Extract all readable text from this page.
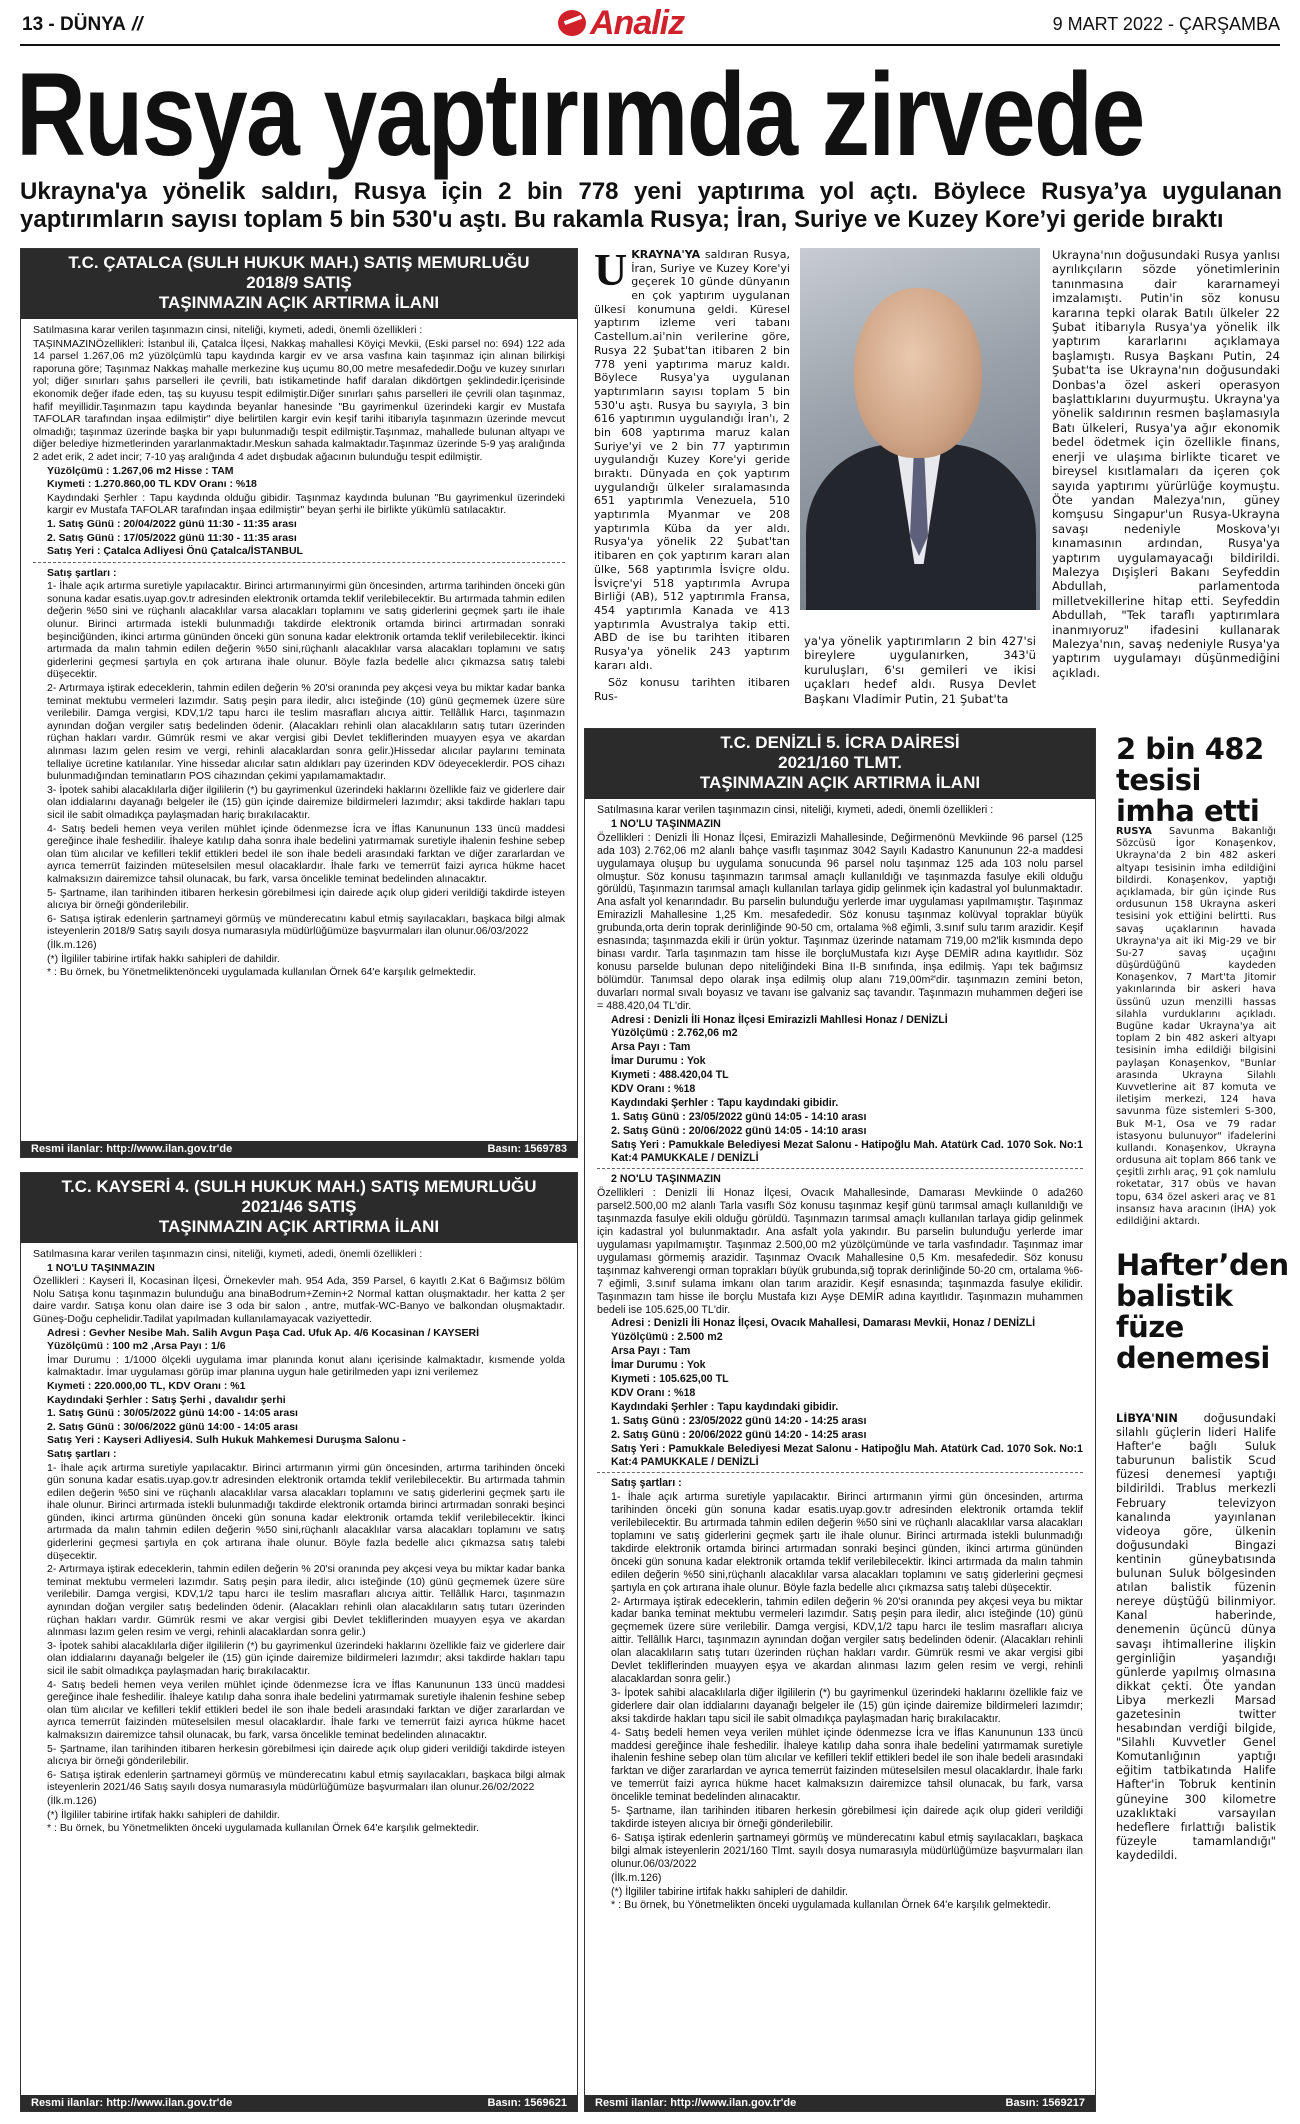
13 - DÜNYA //	Analiz	9 MART 2022 - ÇARŞAMBA
Rusya yaptırımda zirvede
Ukrayna'ya yönelik saldırı, Rusya için 2 bin 778 yeni yaptırıma yol açtı. Böylece Rusya’ya uygulanan yaptırımların sayısı toplam 5 bin 530'u aştı. Bu rakamla Rusya; İran, Suriye ve Kuzey Kore’yi geride bıraktı
T.C. ÇATALCA (SULH HUKUK MAH.) SATIŞ MEMURLUĞU
2018/9 SATIŞ
TAŞINMAZIN AÇIK ARTIRMA İLANI

Satılmasına karar verilen taşınmazın cinsi, niteliği, kıymeti, adedi, önemli özellikleri :

TAŞINMAZINÖzellikleri: İstanbul ili, Çatalca İlçesi, Nakkaş mahallesi Köyiçi Mevkii, (Eski parsel no: 694) 122 ada 14 parsel 1.267,06 m2 yüzölçümlü tapu kaydında kargir ev ve arsa vasfına kain taşınmaz için alınan bilirkişi raporuna göre; Taşınmaz Nakkaş mahalle merkezine kuş uçumu 80,00 metre mesafededir.Doğu ve kuzey sınırları yol; diğer sınırları şahıs parselleri ile çevrili, batı istikametinde hafif daralan dikdörtgen şeklindedir.İçerisinde ekonomik değer ifade eden, taş su kuyusu tespit edilmiştir.Diğer sınırları şahıs parselleri ile çevrili olan taşınmaz, hafif meyillidir.Taşınmazın tapu kaydında beyanlar hanesinde "Bu gayrimenkul üzerindeki kargir ev Mustafa TAFOLAR tarafından inşaa edilmiştir" diye belirtilen kargir evin keşif tarihi itibarıyla taşınmazın üzerinde mevcut olmadığı; taşınmaz üzerinde başka bir yapı bulunmadığı tespit edilmiştir.Taşınmaz, mahallede bulunan altyapı ve diğer belediye hizmetlerinden yararlanmaktadır.Meskun sahada kalmaktadır.Taşınmaz üzerinde 5-9 yaş aralığında 2 adet erik, 2 adet incir; 7-10 yaş aralığında 4 adet dışbudak ağacının bulunduğu tespit edilmiştir.

Yüzölçümü : 1.267,06 m2 Hisse : TAM

Kıymeti : 1.270.860,00 TL KDV Oranı : %18

Kaydındaki Şerhler : Tapu kaydında olduğu gibidir. Taşınmaz kaydında bulunan "Bu gayrimenkul üzerindeki kargir ev Mustafa TAFOLAR tarafından inşaa edilmiştir" beyan şerhi ile birlikte yükümlü satılacaktır.

1. Satış Günü : 20/04/2022 günü 11:30 - 11:35 arası

2. Satış Günü : 17/05/2022 günü 11:30 - 11:35 arası

Satış Yeri : Çatalca Adliyesi Önü Çatalca/İSTANBUL

Satış şartları :

1- İhale açık artırma suretiyle yapılacaktır. Birinci artırmanınyirmi gün öncesinden, artırma tarihinden önceki gün sonuna kadar esatis.uyap.gov.tr adresinden elektronik ortamda teklif verilebilecektir. Bu artırmada tahmin edilen değerin %50 sini ve rüçhanlı alacaklılar varsa alacakları toplamını ve satış giderlerini geçmek şartı ile ihale olunur. Birinci artırmada istekli bulunmadığı takdirde elektronik ortamda birinci artırmadan sonraki beşinciğünden, ikinci artırma gününden önceki gün sonuna kadar elektronik ortamda teklif verilebilecektir. İkinci artırmada da malın tahmin edilen değerin %50 sini,rüçhanlı alacaklılar varsa alacakları toplamını ve satış giderlerini geçmesi şartıyla en çok artırana ihale olunur. Böyle fazla bedelle alıcı çıkmazsa satış talebi düşecektir.

2- Artırmaya iştirak edeceklerin, tahmin edilen değerin % 20'si oranında pey akçesi veya bu miktar kadar banka teminat mektubu vermeleri lazımdır. Satış peşin para iledir, alıcı isteğinde (10) günü geçmemek üzere süre verilebilir. Damga vergisi, KDV,1/2 tapu harcı ile teslim masrafları alıcıya aittir. Tellâllık Harcı, taşınmazın aynından doğan vergiler satış bedelinden ödenir. (Alacakları rehinli olan alacaklıların satış tutarı üzerinden rüçhan hakları vardır. Gümrük resmi ve akar vergisi gibi Devlet tekliflerinden muayyen eşya ve akardan alınması lazım gelen resim ve vergi, rehinli alacaklardan sonra gelir.)Hissedar alıcılar paylarını teminata tellaliye ücretine katılanılar. Yine hissedar alıcılar satın aldıkları pay üzerinden KDV ödeyeceklerdir. POS cihazı bulunmadığından teminatların POS cihazından çekimi yapılamamaktadır.

3- İpotek sahibi alacaklılarla diğer ilgililerin (*) bu gayrimenkul üzerindeki haklarını özellikle faiz ve giderlere dair olan iddialarını dayanağı belgeler ile (15) gün içinde dairemize bildirmeleri lazımdır; aksi takdirde hakları tapu sicil ile sabit olmadıkça paylaşmadan hariç bırakılacaktır.

4- Satış bedeli hemen veya verilen mühlet içinde ödenmezse İcra ve İflas Kanununun 133 üncü maddesi gereğince ihale feshedilir. İhaleye katılıp daha sonra ihale bedelini yatırmamak suretiyle ihalenin feshine sebep olan tüm alıcılar ve kefilleri teklif ettikleri bedel ile son ihale bedeli arasındaki farktan ve diğer zararlardan ve ayrıca temerrüt faizinden müteselsilen mesul olacaklardır. İhale farkı ve temerrüt faizi ayrıca hükme hacet kalmaksızın dairemizce tahsil olunacak, bu fark, varsa öncelikle teminat bedelinden alınacaktır.

5- Şartname, ilan tarihinden itibaren herkesin görebilmesi için dairede açık olup gideri verildiği takdirde isteyen alıcıya bir örneği gönderilebilir.

6- Satışa iştirak edenlerin şartnameyi görmüş ve münderecatını kabul etmiş sayılacakları, başkaca bilgi almak isteyenlerin 2018/9 Satış sayılı dosya numarasıyla müdürlüğümüze başvurmaları ilan olunur.06/03/2022

(İlk.m.126)

(*) İlgililer tabirine irtifak hakkı sahipleri de dahildir.

* : Bu örnek, bu Yönetmeliktenönceki uygulamada kullanılan Örnek 64'e karşılık gelmektedir.

Resmi ilanlar: http://www.ilan.gov.tr'de	Basın: 1569783
T.C. KAYSERİ 4. (SULH HUKUK MAH.) SATIŞ MEMURLUĞU
2021/46 SATIŞ
TAŞINMAZIN AÇIK ARTIRMA İLANI

Satılmasına karar verilen taşınmazın cinsi, niteliği, kıymeti, adedi, önemli özellikleri :

1 NO'LU TAŞINMAZIN

Özellikleri : Kayseri İl, Kocasinan İlçesi, Örnekevler mah. 954 Ada, 359 Parsel, 6 kayıtlı 2.Kat 6 Bağımsız bölüm Nolu Satışa konu taşınmazın bulunduğu ana binaBodrum+Zemin+2 Normal kattan oluşmaktadır. her katta 2 şer daire vardır. Satışa konu olan daire ise 3 oda bir salon , antre, mutfak-WC-Banyo ve balkondan oluşmaktadır. Güneş-Doğu cephelidir.Tadilat yapılmadan kullanılamayacak vaziyettedir.

Adresi : Gevher Nesibe Mah. Salih Avgun Paşa Cad. Ufuk Ap. 4/6 Kocasinan / KAYSERİ

Yüzölçümü : 100 m2 ,Arsa Payı : 1/6

İmar Durumu : 1/1000 ölçekli uygulama imar planında konut alanı içerisinde kalmaktadır, kısmende yolda kalmaktadır. İmar uygulaması görüp imar planına uygun hale getirilmeden yapı izni verilemez

Kıymeti : 220.000,00 TL, KDV Oranı : %1

Kaydındaki Şerhler : Satış Şerhi , davalıdır şerhi

1. Satış Günü : 30/05/2022 günü 14:00 - 14:05 arası

2. Satış Günü : 30/06/2022 günü 14:00 - 14:05 arası

Satış Yeri : Kayseri Adliyesi4. Sulh Hukuk Mahkemesi Duruşma Salonu -

Satış şartları :

1- İhale açık artırma suretiyle yapılacaktır. Birinci artırmanın yirmi gün öncesinden, artırma tarihinden önceki gün sonuna kadar esatis.uyap.gov.tr adresinden elektronik ortamda teklif verilebilecektir. Bu artırmada tahmin edilen değerin %50 sini ve rüçhanlı alacaklılar varsa alacakları toplamını ve satış giderlerini geçmek şartı ile ihale olunur. Birinci artırmada istekli bulunmadığı takdirde elektronik ortamda birinci artırmadan sonraki beşinci günden, ikinci artırma gününden önceki gün sonuna kadar elektronik ortamda teklif verilebilecektir. İkinci artırmada da malın tahmin edilen değerin %50 sini,rüçhanlı alacaklılar varsa alacakları toplamını ve satış giderlerini geçmesi şartıyla en çok artırana ihale olunur. Böyle fazla bedelle alıcı çıkmazsa satış talebi düşecektir.

2- Artırmaya iştirak edeceklerin, tahmin edilen değerin % 20'si oranında pey akçesi veya bu miktar kadar banka teminat mektubu vermeleri lazımdır. Satış peşin para iledir, alıcı isteğinde (10) günü geçmemek üzere süre verilebilir. Damga vergisi, KDV,1/2 tapu harcı ile teslim masrafları alıcıya aittir. Tellâllık Harcı, taşınmazın aynından doğan vergiler satış bedelinden ödenir. (Alacakları rehinli olan alacaklıların satış tutarı üzerinden rüçhan hakları vardır. Gümrük resmi ve akar vergisi gibi Devlet tekliflerinden muayyen eşya ve akardan alınması lazım gelen resim ve vergi, rehinli alacaklardan sonra gelir.)

3- İpotek sahibi alacaklılarla diğer ilgililerin (*) bu gayrimenkul üzerindeki haklarını özellikle faiz ve giderlere dair olan iddialarını dayanağı belgeler ile (15) gün içinde dairemize bildirmeleri lazımdır; aksi takdirde hakları tapu sicil ile sabit olmadıkça paylaşmadan hariç bırakılacaktır.

4- Satış bedeli hemen veya verilen mühlet içinde ödenmezse İcra ve İflas Kanununun 133 üncü maddesi gereğince ihale feshedilir. İhaleye katılıp daha sonra ihale bedelini yatırmamak suretiyle ihalenin feshine sebep olan tüm alıcılar ve kefilleri teklif ettikleri bedel ile son ihale bedeli arasındaki farktan ve diğer zararlardan ve ayrıca temerrüt faizinden müteselsilen mesul olacaklardır. İhale farkı ve temerrüt faizi ayrıca hükme hacet kalmaksızın dairemizce tahsil olunacak, bu fark, varsa öncelikle teminat bedelinden alınacaktır.

5- Şartname, ilan tarihinden itibaren herkesin görebilmesi için dairede açık olup gideri verildiği takdirde isteyen alıcıya bir örneği gönderilebilir.

6- Satışa iştirak edenlerin şartnameyi görmüş ve münderecatını kabul etmiş sayılacakları, başkaca bilgi almak isteyenlerin 2021/46 Satış sayılı dosya numarasıyla müdürlüğümüze başvurmaları ilan olunur.26/02/2022

(İlk.m.126)

(*) İlgililer tabirine irtifak hakkı sahipleri de dahildir.

* : Bu örnek, bu Yönetmelikten önceki uygulamada kullanılan Örnek 64'e karşılık gelmektedir.

Resmi ilanlar: http://www.ilan.gov.tr'de	Basın: 1569621

UKRAYNA'YA saldıran Rusya, İran, Suriye ve Kuzey Kore'yi geçerek 10 günde dünyanın en çok yaptırım uygulanan ülkesi konumuna geldi. Küresel yaptırım izleme veri tabanı Castellum.ai'nin verilerine göre, Rusya 22 Şubat'tan itibaren 2 bin 778 yeni yaptırıma maruz kaldı. Böylece Rusya'ya uygulanan yaptırımların sayısı toplam 5 bin 530'u aştı. Rusya bu sayıyla, 3 bin 616 yaptırımın uygulandığı İran'ı, 2 bin 608 yaptırıma maruz kalan Suriye'yi ve 2 bin 77 yaptırımın uygulandığı Kuzey Kore'yi geride bıraktı. Dünyada en çok yaptırım uygulandığı ülkeler sıralamasında 651 yaptırımla Venezuela, 510 yaptırımla Myanmar ve 208 yaptırımla Küba da yer aldı. Rusya'ya yönelik 22 Şubat'tan itibaren en çok yaptırım kararı alan ülke, 568 yaptırımla İsviçre oldu. İsviçre'yi 518 yaptırımla Avrupa Birliği (AB), 512 yaptırımla Fransa, 454 yaptırımla Kanada ve 413 yaptırımla Avustralya takip etti. ABD de ise bu tarihten itibaren Rusya'ya yönelik 243 yaptırım kararı aldı.

Söz konusu tarihten itibaren Rus-

ya'ya yönelik yaptırımların 2 bin 427'si bireylere uygulanırken, 343'ü kuruluşları, 6'sı gemileri ve ikisi uçakları hedef aldı. Rusya Devlet Başkanı Vladimir Putin, 21 Şubat'ta

Ukrayna'nın doğusundaki Rusya yanlısı ayrılıkçıların sözde yönetimlerinin tanınmasına dair kararnameyi imzalamıştı. Putin'in söz konusu kararına tepki olarak Batılı ülkeler 22 Şubat itibarıyla Rusya'ya yönelik ilk yaptırım kararlarını açıklamaya başlamıştı. Rusya Başkanı Putin, 24 Şubat'ta ise Ukrayna'nın doğusundaki Donbas'a özel askeri operasyon başlattıklarını duyurmuştu. Ukrayna'ya yönelik saldırının resmen başlamasıyla Batı ülkeleri, Rusya'ya ağır ekonomik bedel ödetmek için özellikle finans, enerji ve ulaşıma birlikte ticaret ve bireysel kısıtlamaları da içeren çok sayıda yaptırımı yürürlüğe koymuştu. Öte yandan Malezya'nın, güney komşusu Singapur'un Rusya-Ukrayna savaşı nedeniyle Moskova'yı kınamasının ardından, Rusya'ya yaptırım uygulamayacağı bildirildi. Malezya Dışişleri Bakanı Seyfeddin Abdullah, parlamentoda milletvekillerine hitap etti. Seyfeddin Abdullah, "Tek taraflı yaptırımlara inanmıyoruz" ifadesini kullanarak Malezya'nın, savaş nedeniyle Rusya'ya yaptırım uygulamayı düşünmediğini açıkladı.

T.C. DENİZLİ 5. İCRA DAİRESİ
2021/160 TLMT.
TAŞINMAZIN AÇIK ARTIRMA İLANI

Satılmasına karar verilen taşınmazın cinsi, niteliği, kıymeti, adedi, önemli özellikleri :

1 NO'LU TAŞINMAZIN

Özellikleri : Denizli İli Honaz İlçesi, Emirazizli Mahallesinde, Değirmenönü Mevkiinde 96 parsel (125 ada 103) 2.762,06 m2 alanlı bahçe vasıflı taşınmaz 3042 Sayılı Kadastro Kanununun 22-a maddesi uygulamaya oluşup bu uygulama sonucunda 96 parsel nolu taşınmaz 125 ada 103 nolu parsel olmuştur. Söz konusu taşınmazın tarımsal amaçlı kullanıldığı ve taşınmazda fasulye ekili olduğu görüldü, Taşınmazın tarımsal amaçlı kullanılan tarlaya gidip gelinmek için kadastral yol bulunmaktadır. Ana asfalt yol kenarındadır. Bu parselin bulunduğu yerlerde imar uygulaması yapılmamıştır. Taşınmaz Emirazizli Mahallesine 1,25 Km. mesafededir. Söz konusu taşınmaz kolüvyal topraklar büyük grubunda,orta derin toprak derinliğinde 90-50 cm, ortalama %8 eğimli, 3.sınıf sulu tarım arazidir. Keşif esnasında; taşınmazda ekili ir ürün yoktur. Taşınmaz üzerinde natamam 719,00 m2'lik kısmında depo binası vardır. Tarla taşınmazın tam hisse ile borçluMustafa kızı Ayşe DEMİR adına kayıtlıdır. Söz konusu parselde bulunan depo niteliğindeki Bina II-B sınıfında, inşa edilmiş. Yapı tek bağımsız bölümdür. Tanımsal depo olarak inşa edilmiş olup alanı 719,00m²'dir. taşınmazın zemini beton, duvarları normal sıvalı boyasız ve tavanı ise galvaniz saç tavandır. Taşınmazın muhammen değeri ise = 488.420,04 TL'dir.

Adresi : Denizli İli Honaz İlçesi Emirazizli Mahllesi Honaz / DENİZLİ

Yüzölçümü : 2.762,06 m2

Arsa Payı : Tam

İmar Durumu : Yok

Kıymeti : 488.420,04 TL

KDV Oranı : %18

Kaydındaki Şerhler : Tapu kaydındaki gibidir.

1. Satış Günü : 23/05/2022 günü 14:05 - 14:10 arası

2. Satış Günü : 20/06/2022 günü 14:05 - 14:10 arası

Satış Yeri : Pamukkale Belediyesi Mezat Salonu - Hatipoğlu Mah. Atatürk Cad. 1070 Sok. No:1 Kat:4 PAMUKKALE / DENİZLİ

2 NO'LU TAŞINMAZIN

Özellikleri : Denizli İli Honaz İlçesi, Ovacık Mahallesinde, Damarası Mevkiinde 0 ada260 parsel2.500,00 m2 alanlı Tarla vasıflı Söz konusu taşınmaz keşif günü tarımsal amaçlı kullanıldığı ve taşınmazda fasulye ekili olduğu görüldü. Taşınmazın tarımsal amaçlı kullanılan tarlaya gidip gelinmek için kadastral yol bulunmaktadır. Ana asfalt yola yakındır. Bu parselin bulunduğu yerlerde imar uygulaması yapılmamıştır. Taşınmaz 2.500,00 m2 yüzölçümünde ve tarla vasfındadır. Taşınmaz imar uygulaması görmemiş arazidir. Taşınmaz Ovacık Mahallesine 0,5 Km. mesafededir. Söz konusu taşınmaz kahverengi orman toprakları büyük grubunda,sığ toprak derinliğinde 50-20 cm, ortalama %6-7 eğimli, 3.sınıf sulama imkanı olan tarım arazidir. Keşif esnasında; taşınmazda fasulye ekilidir. Taşınmazın tam hisse ile borçlu Mustafa kızı Ayşe DEMİR adına kayıtlıdır. Taşınmazın muhammen bedeli ise 105.625,00 TL'dir.

Adresi : Denizli İli Honaz İlçesi, Ovacık Mahallesi, Damarası Mevkii, Honaz / DENİZLİ

Yüzölçümü : 2.500 m2

Arsa Payı : Tam

İmar Durumu : Yok

Kıymeti : 105.625,00 TL

KDV Oranı : %18

Kaydındaki Şerhler : Tapu kaydındaki gibidir.

1. Satış Günü : 23/05/2022 günü 14:20 - 14:25 arası

2. Satış Günü : 20/06/2022 günü 14:20 - 14:25 arası

Satış Yeri : Pamukkale Belediyesi Mezat Salonu - Hatipoğlu Mah. Atatürk Cad. 1070 Sok. No:1 Kat:4 PAMUKKALE / DENİZLİ

Satış şartları :

1- İhale açık artırma suretiyle yapılacaktır. Birinci artırmanın yirmi gün öncesinden, artırma tarihinden önceki gün sonuna kadar esatis.uyap.gov.tr adresinden elektronik ortamda teklif verilebilecektir. Bu artırmada tahmin edilen değerin %50 sini ve rüçhanlı alacaklılar varsa alacakları toplamını ve satış giderlerini geçmek şartı ile ihale olunur. Birinci artırmada istekli bulunmadığı takdirde elektronik ortamda birinci artırmadan sonraki beşinci günden, ikinci artırma gününden önceki gün sonuna kadar elektronik ortamda teklif verilebilecektir. İkinci artırmada da malın tahmin edilen değerin %50 sini,rüçhanlı alacaklılar varsa alacakları toplamını ve satış giderlerini geçmesi şartıyla en çok artırana ihale olunur. Böyle fazla bedelle alıcı çıkmazsa satış talebi düşecektir.

2- Artırmaya iştirak edeceklerin, tahmin edilen değerin % 20'si oranında pey akçesi veya bu miktar kadar banka teminat mektubu vermeleri lazımdır. Satış peşin para iledir, alıcı isteğinde (10) günü geçmemek üzere süre verilebilir. Damga vergisi, KDV,1/2 tapu harcı ile teslim masrafları alıcıya aittir. Tellâllık Harcı, taşınmazın aynından doğan vergiler satış bedelinden ödenir. (Alacakları rehinli olan alacaklıların satış tutarı üzerinden rüçhan hakları vardır. Gümrük resmi ve akar vergisi gibi Devlet tekliflerinden muayyen eşya ve akardan alınması lazım gelen resim ve vergi, rehinli alacaklardan sonra gelir.)

3- İpotek sahibi alacaklılarla diğer ilgililerin (*) bu gayrimenkul üzerindeki haklarını özellikle faiz ve giderlere dair olan iddialarını dayanağı belgeler ile (15) gün içinde dairemize bildirmeleri lazımdır; aksi takdirde hakları tapu sicil ile sabit olmadıkça paylaşmadan hariç bırakılacaktır.

4- Satış bedeli hemen veya verilen mühlet içinde ödenmezse İcra ve İflas Kanununun 133 üncü maddesi gereğince ihale feshedilir. İhaleye katılıp daha sonra ihale bedelini yatırmamak suretiyle ihalenin feshine sebep olan tüm alıcılar ve kefilleri teklif ettikleri bedel ile son ihale bedeli arasındaki farktan ve diğer zararlardan ve ayrıca temerrüt faizinden müteselsilen mesul olacaklardır. İhale farkı ve temerrüt faizi ayrıca hükme hacet kalmaksızın dairemizce tahsil olunacak, bu fark, varsa öncelikle teminat bedelinden alınacaktır.

5- Şartname, ilan tarihinden itibaren herkesin görebilmesi için dairede açık olup gideri verildiği takdirde isteyen alıcıya bir örneği gönderilebilir.

6- Satışa iştirak edenlerin şartnameyi görmüş ve münderecatını kabul etmiş sayılacakları, başkaca bilgi almak isteyenlerin 2021/160 Tlmt. sayılı dosya numarasıyla müdürlüğümüze başvurmaları ilan olunur.06/03/2022

(İlk.m.126)

(*) İlgililer tabirine irtifak hakkı sahipleri de dahildir.

* : Bu örnek, bu Yönetmelikten önceki uygulamada kullanılan Örnek 64'e karşılık gelmektedir.

Resmi ilanlar: http://www.ilan.gov.tr'de	Basın: 1569217
2 bin 482 tesisi imha etti

RUSYA Savunma Bakanlığı Sözcüsü İgor Konaşenkov, Ukrayna'da 2 bin 482 askeri altyapı tesisinin imha edildiğini bildirdi. Konaşenkov, yaptığı açıklamada, bir gün içinde Rus ordusunun 158 Ukrayna askeri tesisini yok ettiğini belirtti. Rus savaş uçaklarının havada Ukrayna'ya ait iki Mig-29 ve bir Su-27 savaş uçağını düşürdüğünü kaydeden Konaşenkov, 7 Mart'ta Jitomir yakınlarında bir askeri hava üssünü uzun menzilli hassas silahla vurduklarını açıkladı. Bugüne kadar Ukrayna'ya ait toplam 2 bin 482 askeri altyapı tesisinin imha edildiği bilgisini paylaşan Konaşenkov, "Bunlar arasında Ukrayna Silahlı Kuvvetlerine ait 87 komuta ve iletişim merkezi, 124 hava savunma füze sistemleri S-300, Buk M-1, Osa ve 79 radar istasyonu bulunuyor" ifadelerini kullandı. Konaşenkov, Ukrayna ordusuna ait toplam 866 tank ve çeşitli zırhlı araç, 91 çok namlulu roketatar, 317 obüs ve havan topu, 634 özel askeri araç ve 81 insansız hava aracının (İHA) yok edildiğini aktardı.

Hafter’den balistik füze denemesi

LİBYA'NIN doğusundaki silahlı güçlerin lideri Halife Hafter'e bağlı Suluk taburunun balistik Scud füzesi denemesi yaptığı bildirildi. Trablus merkezli February televizyon kanalında yayınlanan videoya göre, ülkenin doğusundaki Bingazi kentinin güneybatısında bulunan Suluk bölgesinden atılan balistik füzenin nereye düştüğü bilinmiyor. Kanal haberinde, denemenin üçüncü dünya savaşı ihtimallerine ilişkin gerginliğin yaşandığı günlerde yapılmış olmasına dikkat çekti. Öte yandan Libya merkezli Marsad gazetesinin twitter hesabından verdiği bilgide, "Silahlı Kuvvetler Genel Komutanlığının yaptığı eğitim tatbikatında Halife Hafter'in Tobruk kentinin güneyine 300 kilometre uzaklıktaki varsayılan hedeflere fırlattığı balistik füzeyle tamamlandığı" kaydedildi.
